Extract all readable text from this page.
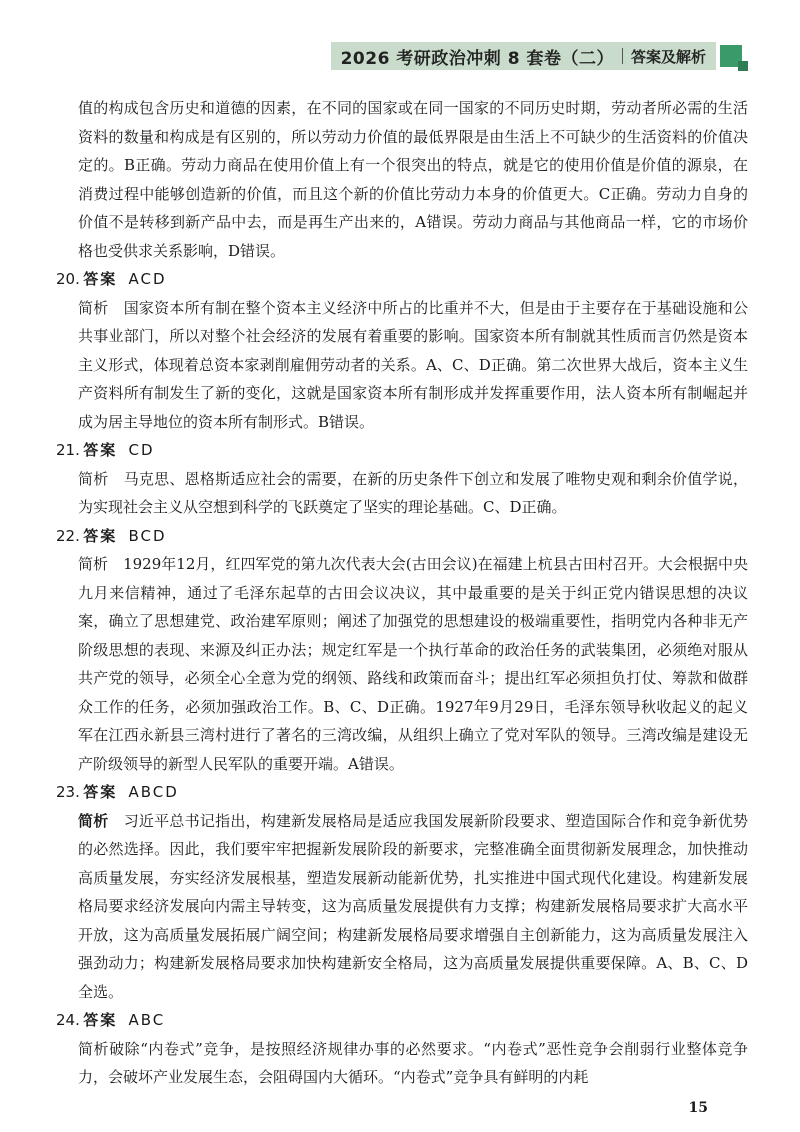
2026 考研政治冲刺 8 套卷（二） 答案及解析

值的构成包含历史和道德的因素，在不同的国家或在同一国家的不同历史时期，劳动者所必需的生活资料的数量和构成是有区别的，所以劳动力价值的最低界限是由生活上不可缺少的生活资料的价值决定的。B正确。劳动力商品在使用价值上有一个很突出的特点，就是它的使用价值是价值的源泉，在消费过程中能够创造新的价值，而且这个新的价值比劳动力本身的价值更大。C正确。劳动力自身的价值不是转移到新产品中去，而是再生产出来的，A错误。劳动力商品与其他商品一样，它的市场价格也受供求关系影响，D错误。

20. 答案 ACD

简析　 国家资本所有制在整个资本主义经济中所占的比重并不大，但是由于主要存在于基础设施和公共事业部门，所以对整个社会经济的发展有着重要的影响。国家资本所有制就其性质而言仍然是资本主义形式，体现着总资本家剥削雇佣劳动者的关系。A、C、D正确。第二次世界大战后，资本主义生产资料所有制发生了新的变化，这就是国家资本所有制形成并发挥重要作用，法人资本所有制崛起并成为居主导地位的资本所有制形式。B错误。

21. 答案 CD

简析　 马克思、恩格斯适应社会的需要，在新的历史条件下创立和发展了唯物史观和剩余价值学说，为实现社会主义从空想到科学的飞跃奠定了坚实的理论基础。C、D正确。

22. 答案 BCD

简析　 1929年12月，红四军党的第九次代表大会(古田会议)在福建上杭县古田村召开。大会根据中央九月来信精神，通过了毛泽东起草的古田会议决议，其中最重要的是关于纠正党内错误思想的决议案，确立了思想建党、政治建军原则；阐述了加强党的思想建设的极端重要性，指明党内各种非无产阶级思想的表现、来源及纠正办法；规定红军是一个执行革命的政治任务的武装集团，必须绝对服从共产党的领导，必须全心全意为党的纲领、路线和政策而奋斗；提出红军必须担负打仗、筹款和做群众工作的任务，必须加强政治工作。B、C、D正确。1927年9月29日，毛泽东领导秋收起义的起义军在江西永新县三湾村进行了著名的三湾改编，从组织上确立了党对军队的领导。三湾改编是建设无产阶级领导的新型人民军队的重要开端。A错误。

23. 答案 ABCD

简析　 习近平总书记指出，构建新发展格局是适应我国发展新阶段要求、塑造国际合作和竞争新优势的必然选择。因此，我们要牢牢把握新发展阶段的新要求，完整准确全面贯彻新发展理念，加快推动高质量发展，夯实经济发展根基，塑造发展新动能新优势，扎实推进中国式现代化建设。构建新发展格局要求经济发展向内需主导转变，这为高质量发展提供有力支撑；构建新发展格局要求扩大高水平开放，这为高质量发展拓展广阔空间；构建新发展格局要求增强自主创新能力，这为高质量发展注入强劲动力；构建新发展格局要求加快构建新安全格局，这为高质量发展提供重要保障。A、B、C、D全选。

24. 答案 ABC

简析破除“内卷式”竞争，是按照经济规律办事的必然要求。“内卷式”恶性竞争会削弱行业整体竞争力，会破坏产业发展生态，会阻碍国内大循环。“内卷式”竞争具有鲜明的内耗

15
